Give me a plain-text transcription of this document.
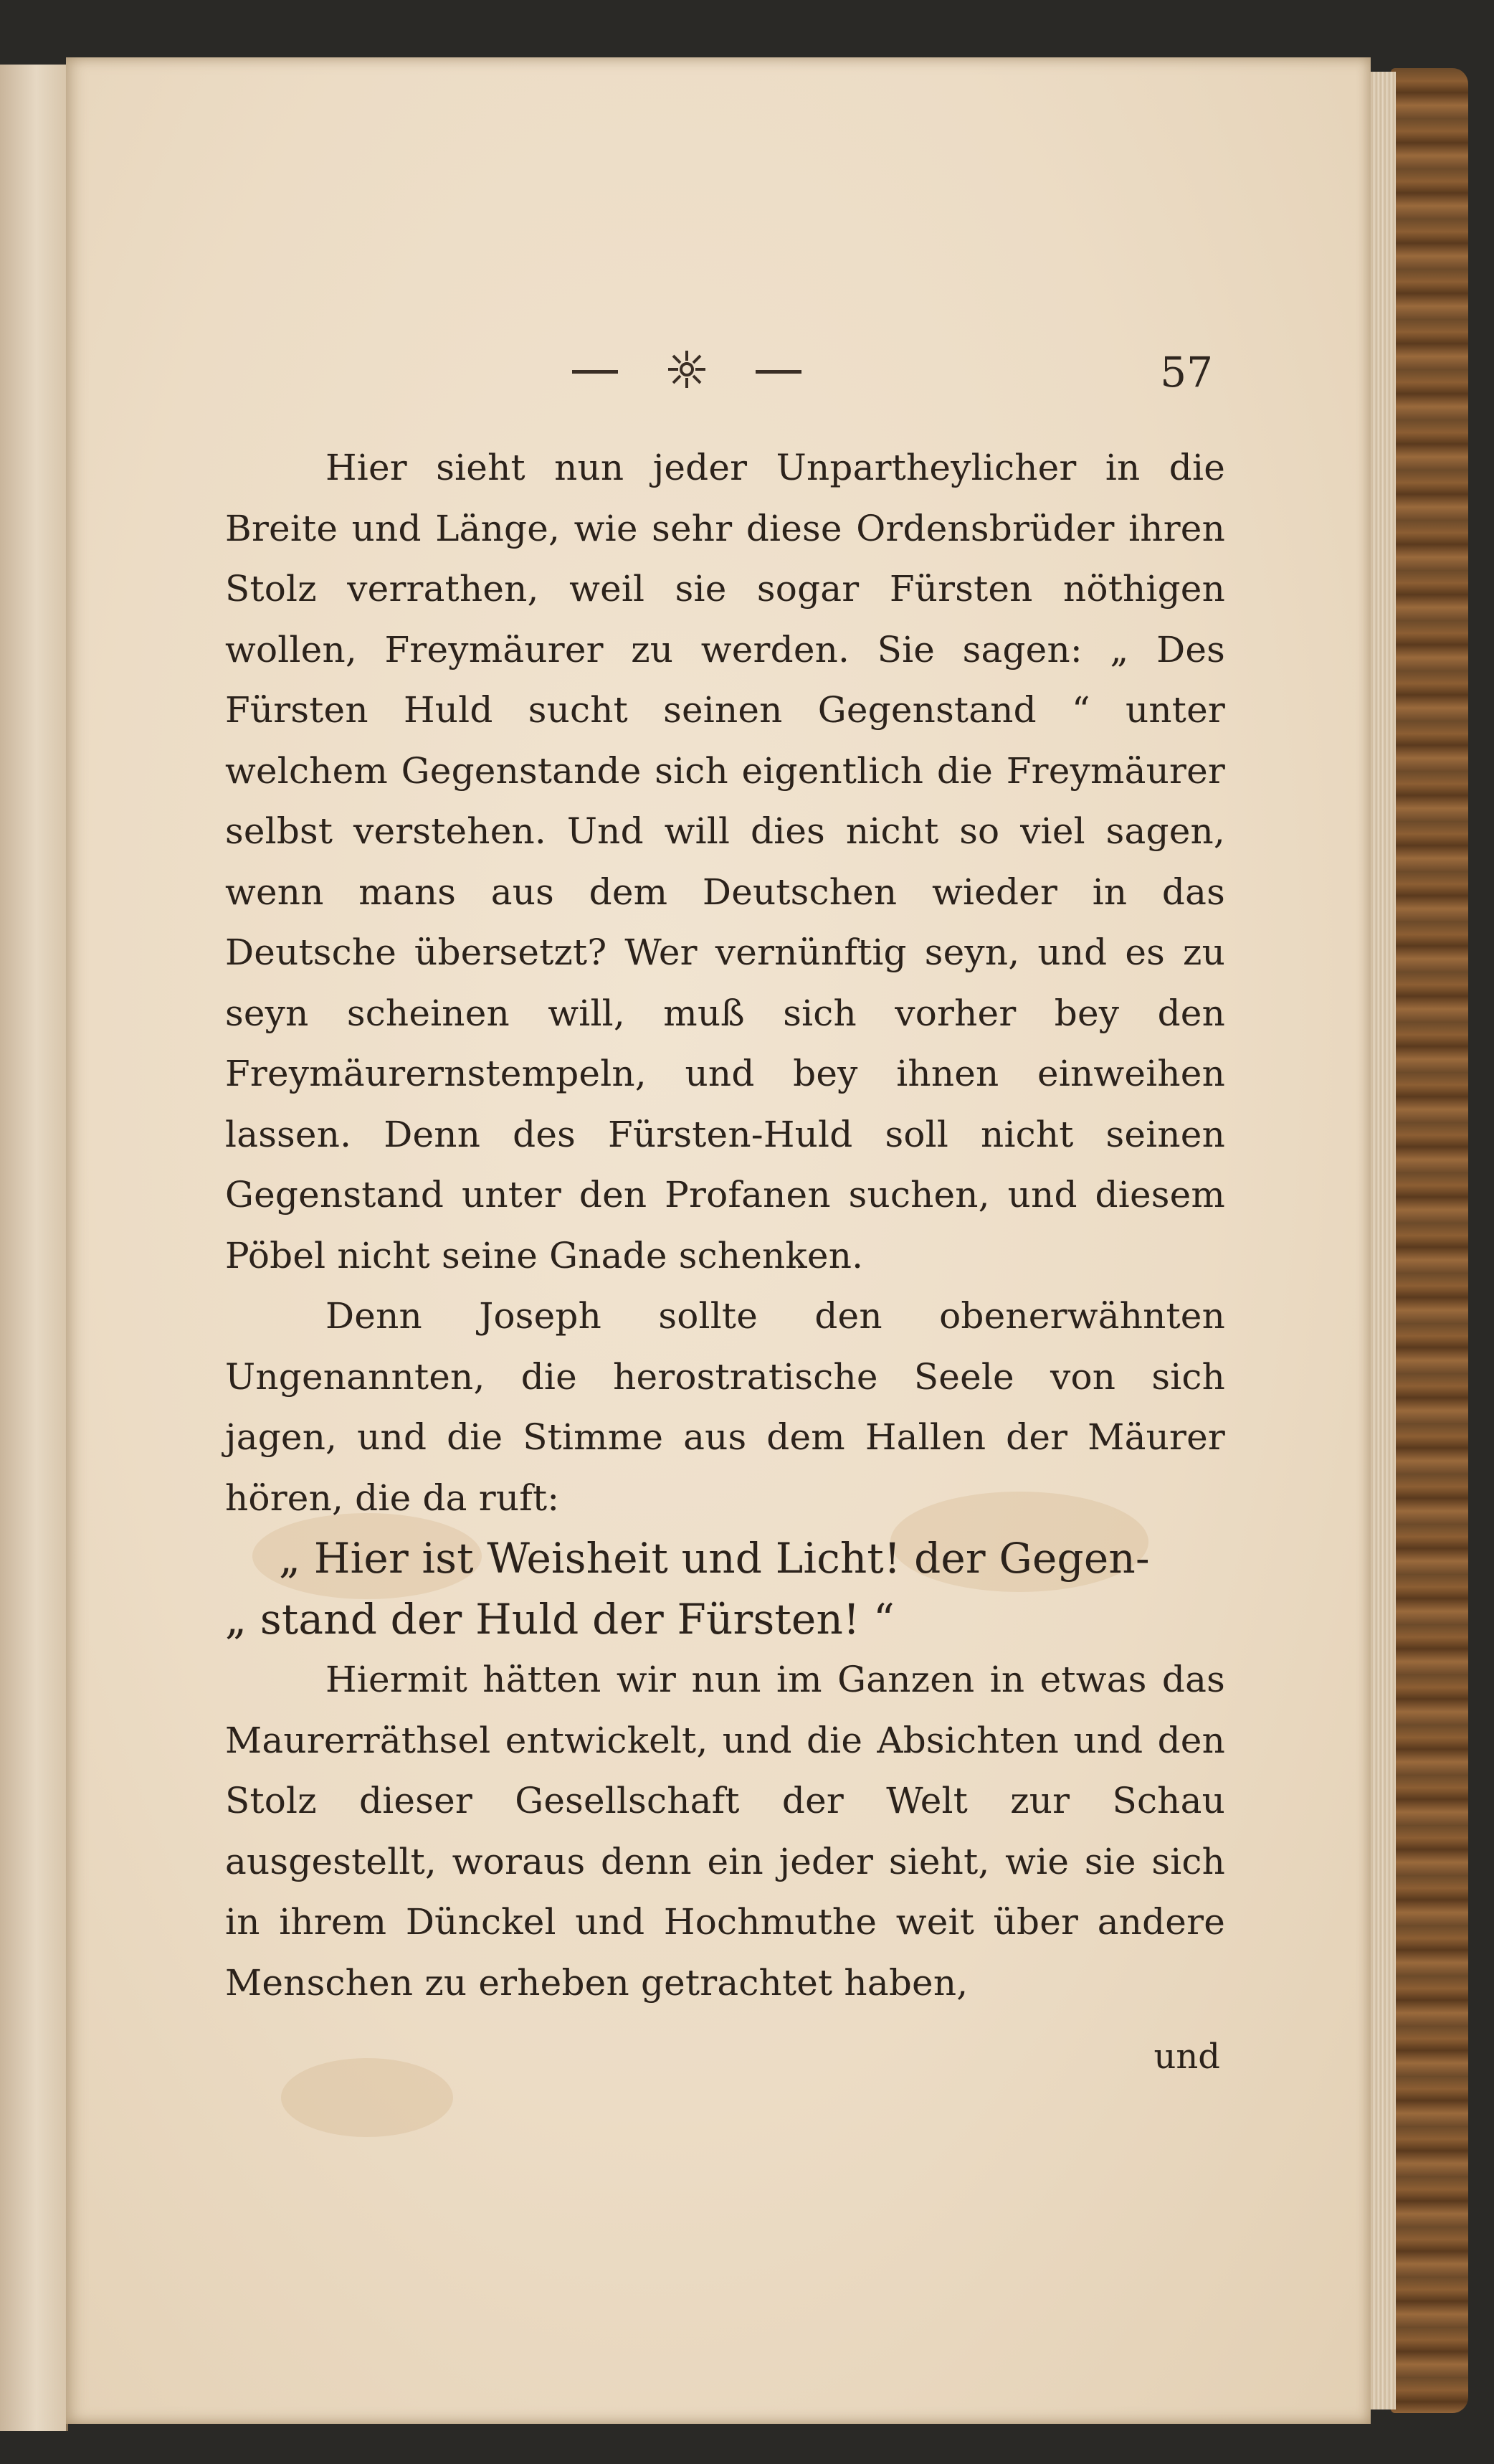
57

Hier sieht nun jeder Unpartheylicher in die Breite und Länge, wie sehr diese Ordensbrüder ihren Stolz verrathen, weil sie sogar Fürsten nöthigen wollen, Freymäurer zu werden. Sie sagen: „ Des Fürsten Huld sucht seinen Gegenstand “ unter welchem Gegenstande sich eigentlich die Freymäurer selbst verstehen. Und will dies nicht so viel sagen, wenn mans aus dem Deutschen wieder in das Deutsche übersetzt? Wer vernünftig seyn, und es zu seyn scheinen will, muß sich vorher bey den Freymäurernstempeln, und bey ihnen einweihen lassen. Denn des Fürsten-Huld soll nicht seinen Gegenstand unter den Profanen suchen, und diesem Pöbel nicht seine Gnade schenken.

Denn Joseph sollte den obenerwähnten Ungenannten, die herostratische Seele von sich jagen, und die Stimme aus dem Hallen der Mäurer hören, die da ruft:

„ Hier ist Weisheit und Licht! der Gegen-

„ stand der Huld der Fürsten! “

Hiermit hätten wir nun im Ganzen in etwas das Maurerräthsel entwickelt, und die Absichten und den Stolz dieser Gesellschaft der Welt zur Schau ausgestellt, woraus denn ein jeder sieht, wie sie sich in ihrem Dünckel und Hochmuthe weit über andere Menschen zu erheben getrachtet haben,

und
